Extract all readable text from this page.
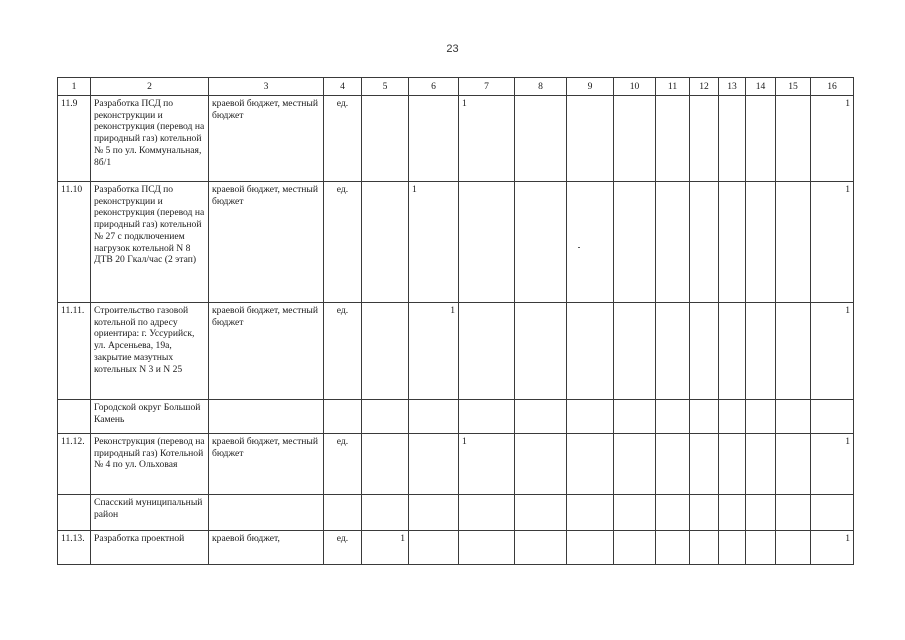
23
1	2	3	4	5	6	7	8	9	10	11	12	13	14	15	16
11.9	Разработка ПСД по реконструкции и реконструкция (перевод на природный газ) котельной № 5 по ул. Коммунальная, 8б/1	краевой бюджет, местный бюджет	ед.			1									1
11.10	Разработка ПСД по реконструкции и реконструкция (перевод на природный газ) котельной № 27 с подключением нагрузок котельной N 8 ДТВ 20 Гкал/час (2 этап)	краевой бюджет, местный бюджет	ед.		1										1
11.11.	Строительство газовой котельной по адресу ориентира: г. Уссурийск, ул. Арсеньева, 19а, закрытие мазутных котельных N 3 и N 25	краевой бюджет, местный бюджет	ед.		1										1
	Городской округ Большой Камень														
11.12.	Реконструкция (перевод на природный газ) Котельной № 4 по ул. Ольховая	краевой бюджет, местный бюджет	ед.			1									1
	Спасский муниципальный район														
11.13.	Разработка проектной	краевой бюджет,	ед.	1											1
